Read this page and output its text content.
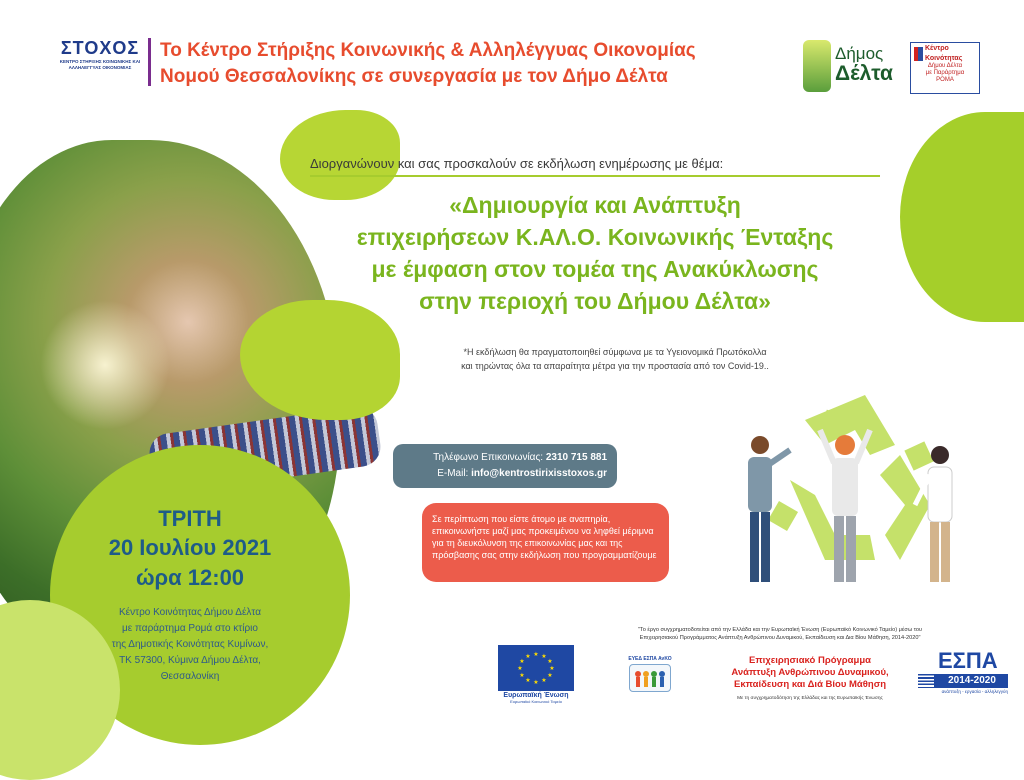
ΣΤΟΧΟΣ
ΚΕΝΤΡΟ ΣΤΗΡΙΞΗΣ ΚΟΙΝΩΝΙΚΗΣ ΚΑΙ ΑΛΛΗΛΕΓΓΥΑΣ ΟΙΚΟΝΟΜΙΑΣ
Το Κέντρο Στήριξης Κοινωνικής & Αλληλέγγυας Οικονομίας
Νομού Θεσσαλονίκης σε συνεργασία με τον Δήμο Δέλτα
Δήμος
Δέλτα
Κέντρο
Κοινότητας
Δήμου Δέλτα
με Παράρτημα
ΡΟΜΑ
Διοργανώνουν και σας προσκαλούν σε εκδήλωση ενημέρωσης με θέμα:
«Δημιουργία και Ανάπτυξη
επιχειρήσεων Κ.ΑΛ.Ο. Κοινωνικής Ένταξης
με έμφαση στον τομέα της Ανακύκλωσης
στην περιοχή του Δήμου Δέλτα»
*Η εκδήλωση θα πραγματοποιηθεί σύμφωνα με τα Υγειονομικά Πρωτόκολλα
και τηρώντας όλα τα απαραίτητα μέτρα για την προστασία από τον Covid-19..
Τηλέφωνο Επικοινωνίας: 2310 715 881
E-Mail: info@kentrostirixisstoxos.gr
Σε περίπτωση που είστε άτομο με αναπηρία, επικοινωνήστε μαζί μας προκειμένου να ληφθεί μέριμνα για τη διευκόλυνση της επικοινωνίας μας και της πρόσβασης σας στην εκδήλωση που προγραμματίζουμε
ΤΡΙΤΗ
20 Ιουλίου 2021
ώρα 12:00
Κέντρο Κοινότητας Δήμου Δέλτα
με παράρτημα Ρομά στο κτίριο
της Δημοτικής Κοινότητας Κυμίνων,
ΤΚ 57300, Κύμινα Δήμου Δέλτα,
Θεσσαλονίκη
"Το έργο συγχρηματοδοτείται από την Ελλάδα και την Ευρωπαϊκή Ένωση (Ευρωπαϊκό Κοινωνικό Ταμείο) μέσω του
Επιχειρησιακού Προγράμματος Ανάπτυξη Ανθρώπινου Δυναμικού, Εκπαίδευση και Δια Βίου Μάθηση, 2014-2020"
★ ★
★
★
★
★
★
★
★
★
★
★
Ευρωπαϊκή Ένωση
Ευρωπαϊκό Κοινωνικό Ταμείο
ΕΥΕΔ ΕΣΠΑ ΑνΚΟ	Επιχειρησιακό Πρόγραμμα
Ανάπτυξη Ανθρώπινου Δυναμικού,
Εκπαίδευση και Διά Βίου Μάθηση
Με τη συγχρηματοδότηση της Ελλάδας και της Ευρωπαϊκής Ένωσης
ΕΣΠΑ
2014-2020
ανάπτυξη - εργασία - αλληλεγγύη
